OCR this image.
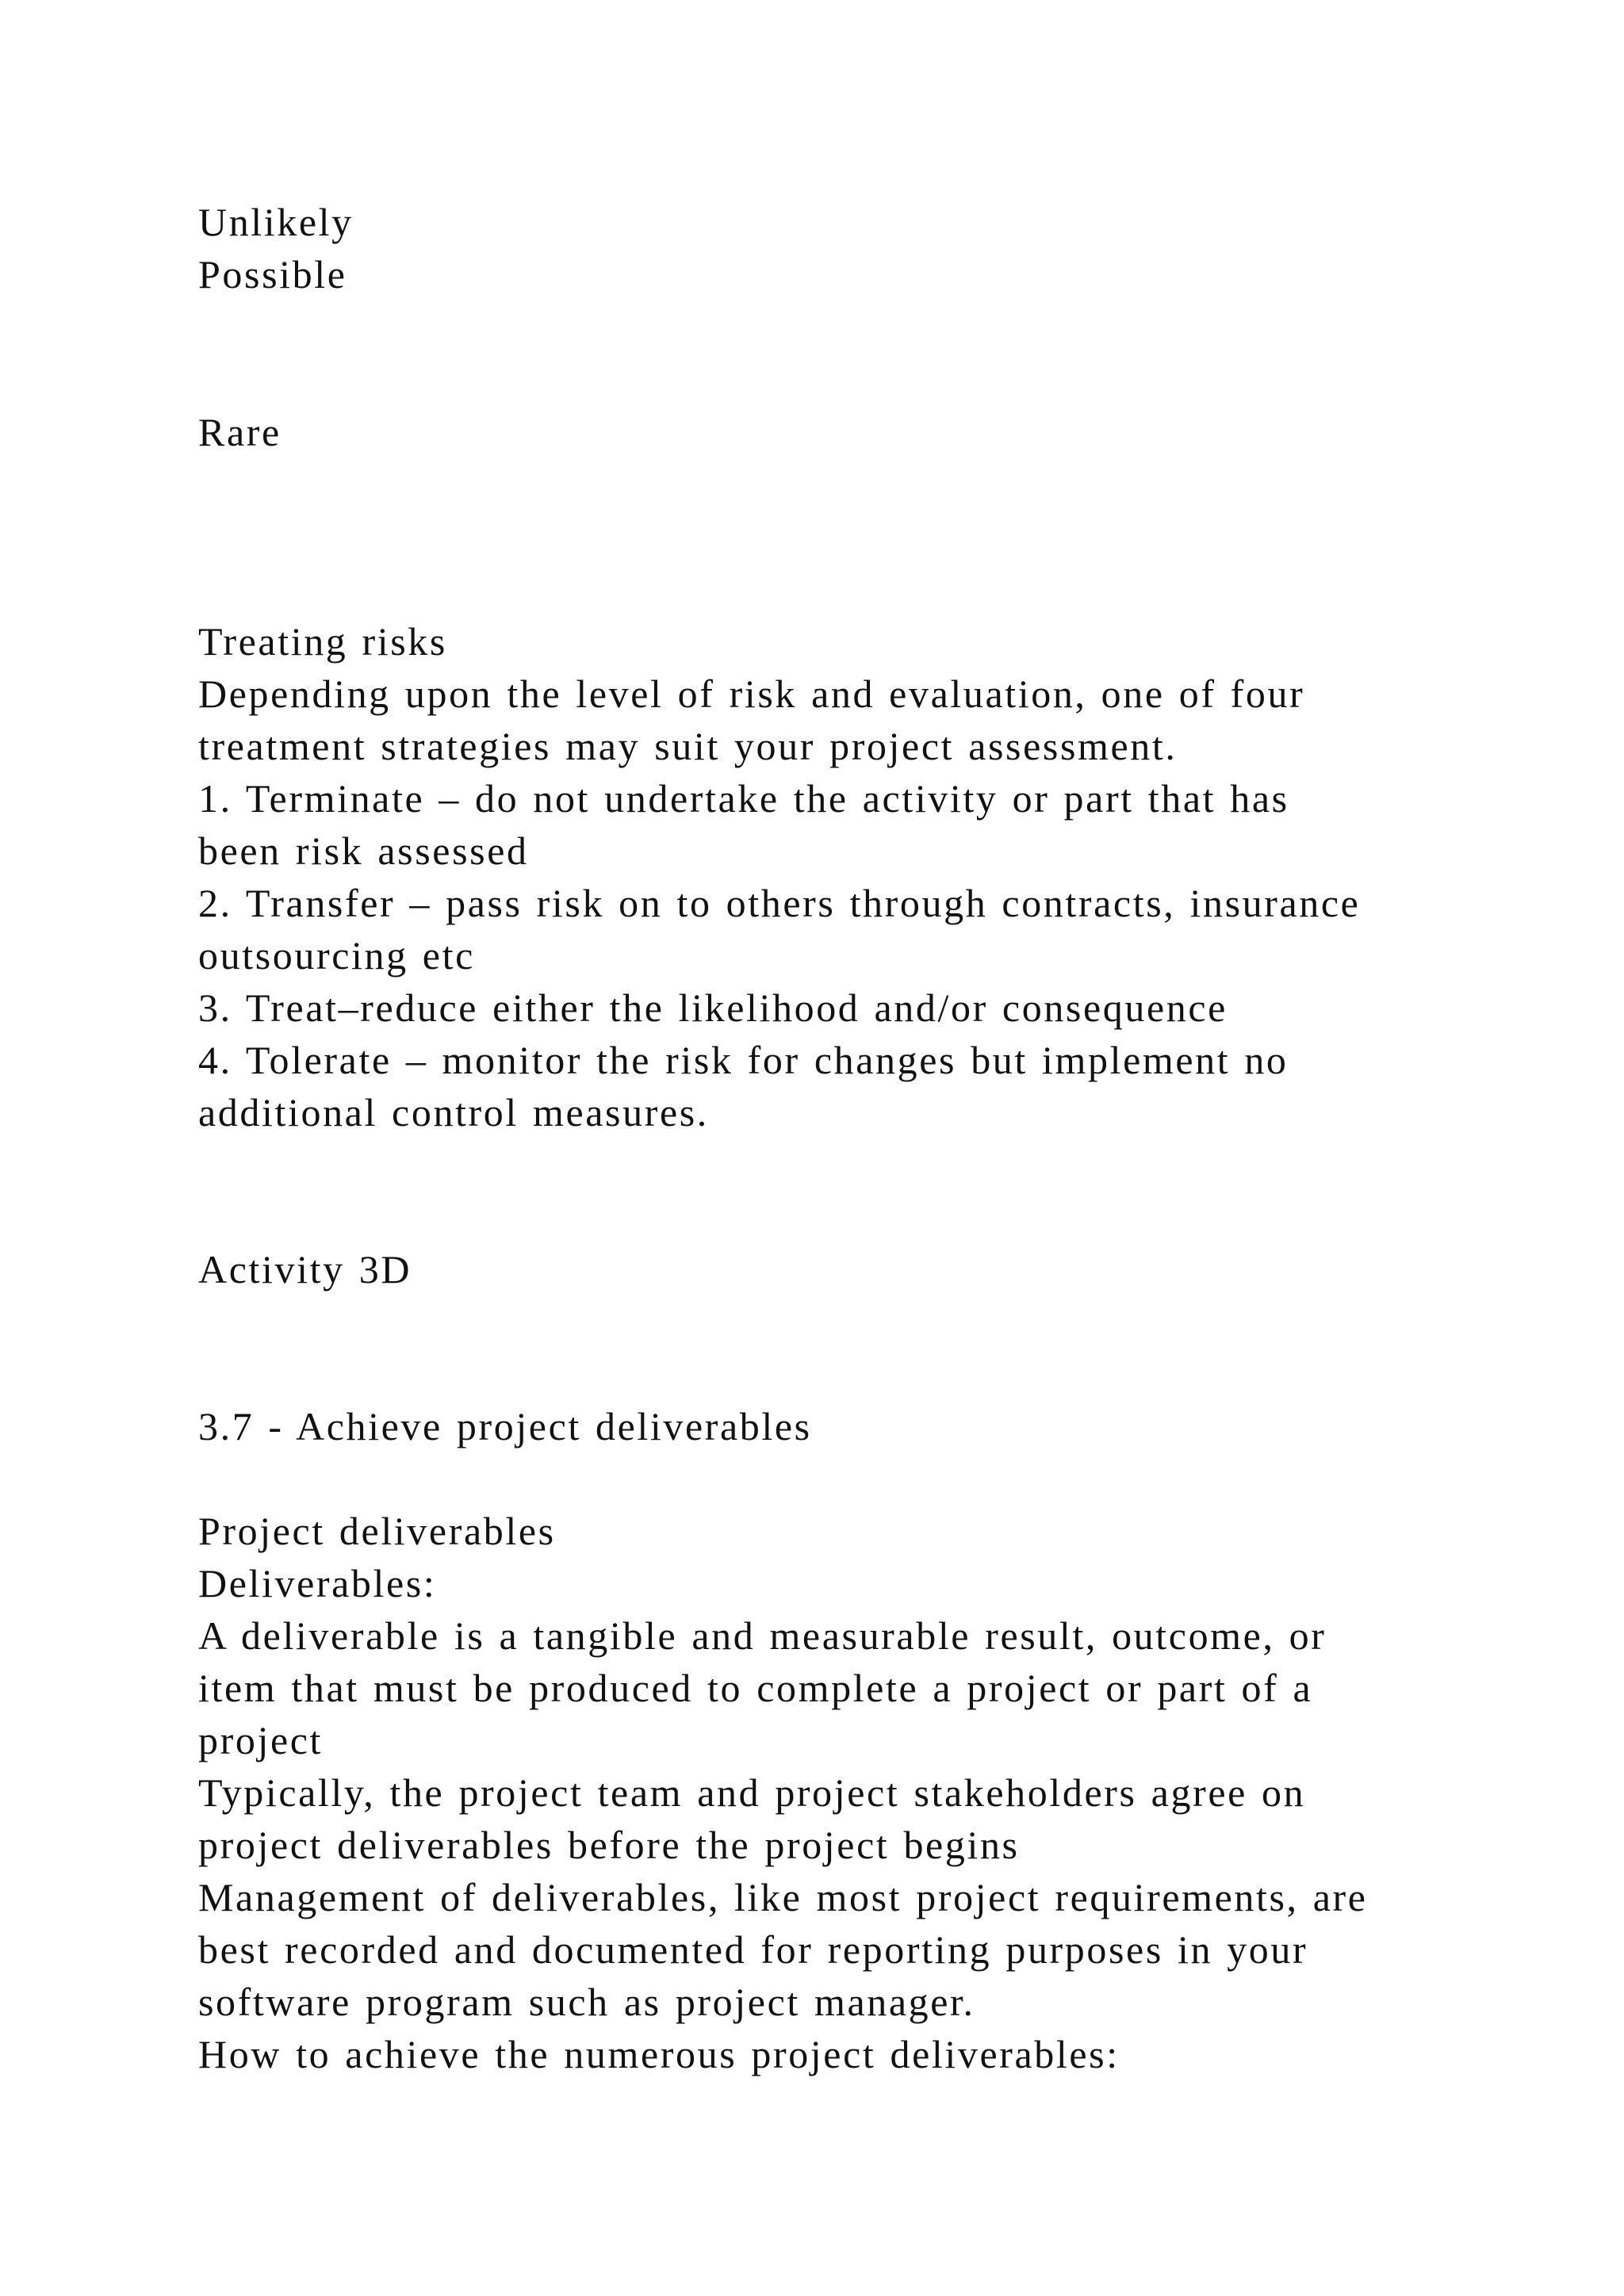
Unlikely

Possible

Rare

Treating risks

Depending upon the level of risk and evaluation, one of four

treatment strategies may suit your project assessment.

1. Terminate – do not undertake the activity or part that has

been risk assessed

2. Transfer – pass risk on to others through contracts, insurance

outsourcing etc

3. Treat–reduce either the likelihood and/or consequence

4. Tolerate – monitor the risk for changes but implement no

additional control measures.

Activity 3D

3.7 - Achieve project deliverables

Project deliverables

Deliverables:

A deliverable is a tangible and measurable result, outcome, or

item that must be produced to complete a project or part of a

project

Typically, the project team and project stakeholders agree on

project deliverables before the project begins

Management of deliverables, like most project requirements, are

best recorded and documented for reporting purposes in your

software program such as project manager.

How to achieve the numerous project deliverables:
